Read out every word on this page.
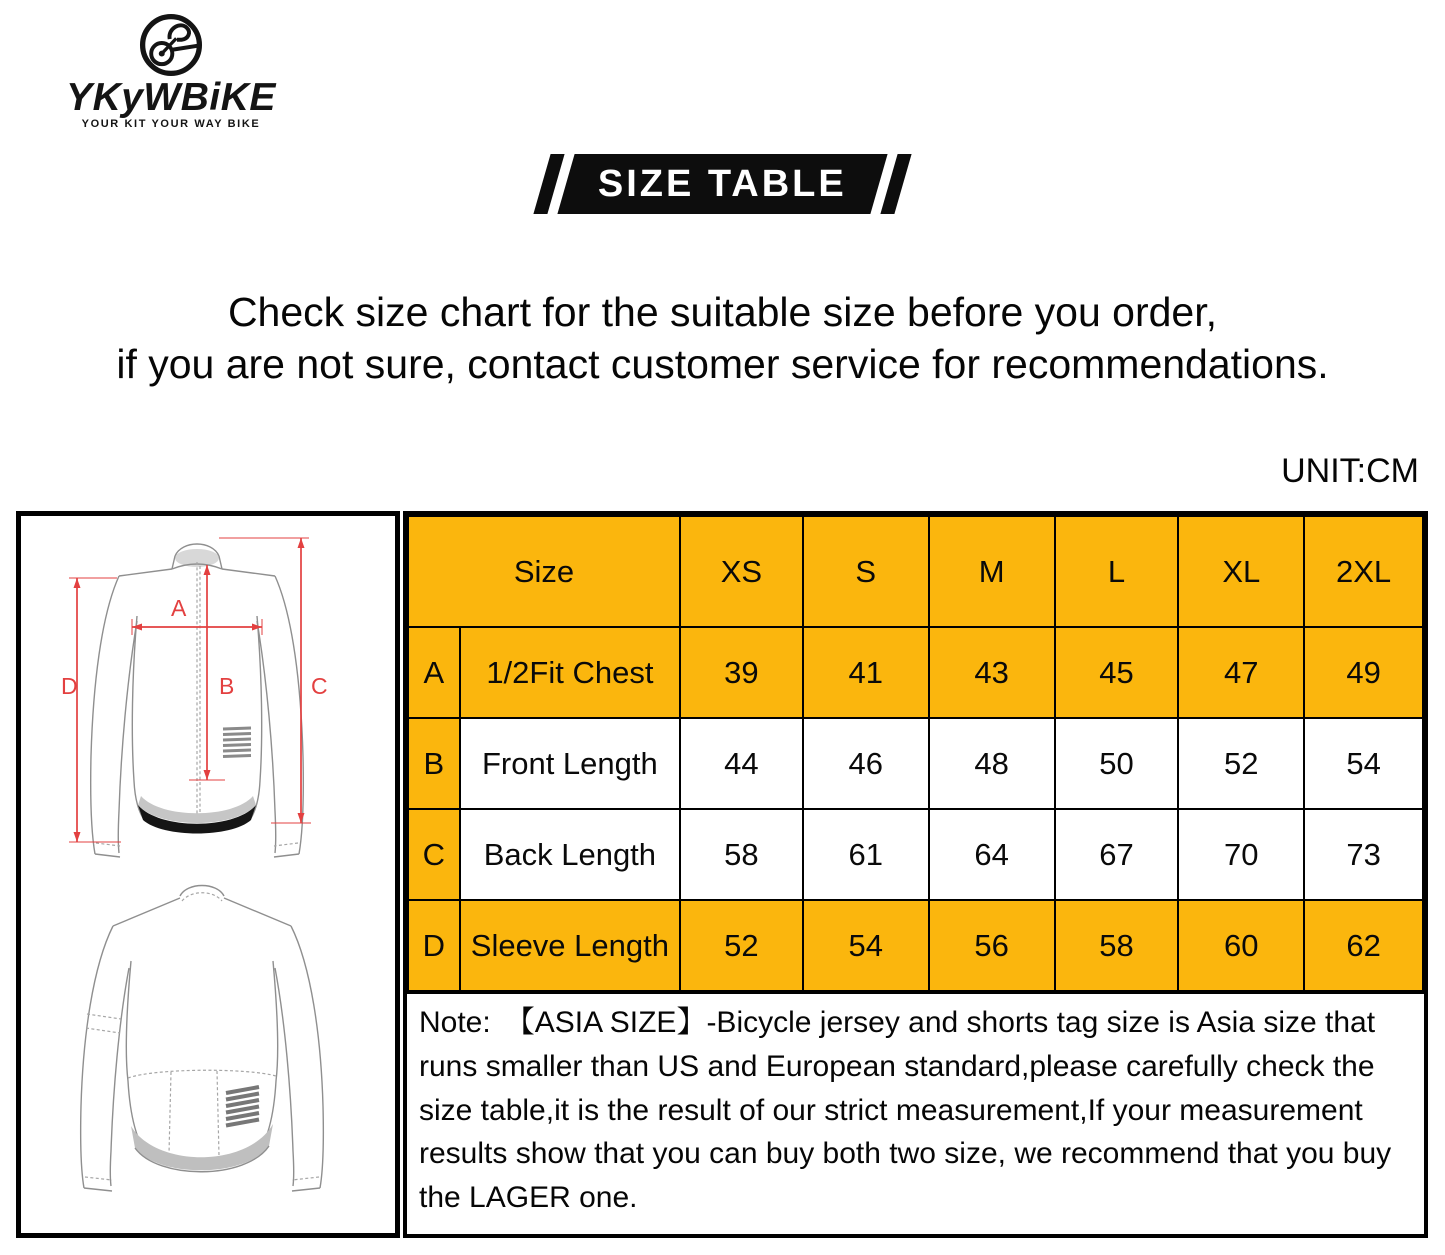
YKyWBiKE
YOUR KIT YOUR WAY BIKE
SIZE TABLE
Check size chart for the suitable size before you order,
if you are not sure, contact customer service for recommendations.
UNIT:CM
A
B	C
D
Size		XS	S	M	L	XL	2XL
A	1/2Fit Chest	39	41	43	45	47	49
B	Front Length	44	46	48	50	52	54
C	Back Length	58	61	64	67	70	73
D	Sleeve Length	52	54	56	58	60	62
Note: 【ASIA SIZE】-Bicycle jersey and shorts tag size is Asia size that runs smaller than US and European standard,please carefully check the size table,it is the result of our strict measurement,If your measurement results show that you can buy both two size, we recommend that you buy the LAGER one.
